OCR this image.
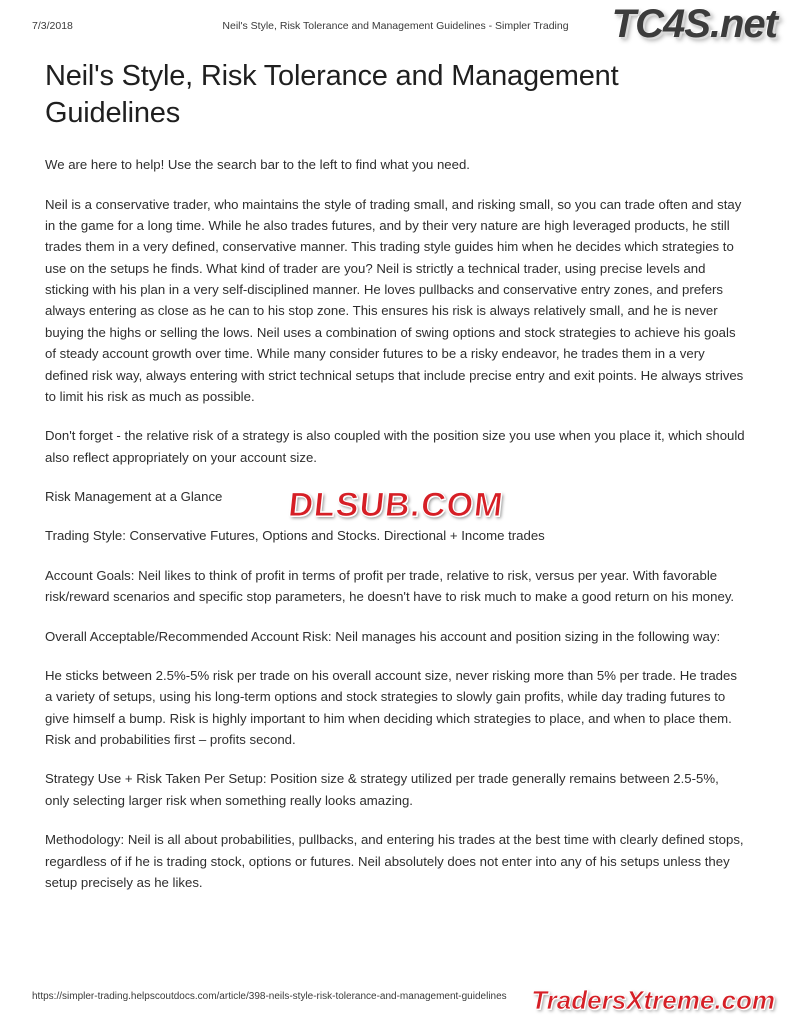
7/3/2018	Neil's Style, Risk Tolerance and Management Guidelines - Simpler Trading
Neil's Style, Risk Tolerance and Management Guidelines

We are here to help! Use the search bar to the left to find what you need.

Neil is a conservative trader, who maintains the style of trading small, and risking small, so you can trade often and stay in the game for a long time. While he also trades futures, and by their very nature are high leveraged products, he still trades them in a very defined, conservative manner. This trading style guides him when he decides which strategies to use on the setups he finds. What kind of trader are you? Neil is strictly a technical trader, using precise levels and sticking with his plan in a very self-disciplined manner. He loves pullbacks and conservative entry zones, and prefers always entering as close as he can to his stop zone. This ensures his risk is always relatively small, and he is never buying the highs or selling the lows. Neil uses a combination of swing options and stock strategies to achieve his goals of steady account growth over time. While many consider futures to be a risky endeavor, he trades them in a very defined risk way, always entering with strict technical setups that include precise entry and exit points. He always strives to limit his risk as much as possible.

Don't forget - the relative risk of a strategy is also coupled with the position size you use when you place it, which should also reflect appropriately on your account size.

Risk Management at a Glance

Trading Style: Conservative Futures, Options and Stocks. Directional + Income trades

Account Goals: Neil likes to think of profit in terms of profit per trade, relative to risk, versus per year. With favorable risk/reward scenarios and specific stop parameters, he doesn't have to risk much to make a good return on his money.

Overall Acceptable/Recommended Account Risk: Neil manages his account and position sizing in the following way:

He sticks between 2.5%-5% risk per trade on his overall account size, never risking more than 5% per trade. He trades a variety of setups, using his long-term options and stock strategies to slowly gain profits, while day trading futures to give himself a bump. Risk is highly important to him when deciding which strategies to place, and when to place them. Risk and probabilities first – profits second.

Strategy Use + Risk Taken Per Setup: Position size & strategy utilized per trade generally remains between 2.5-5%, only selecting larger risk when something really looks amazing.

Methodology: Neil is all about probabilities, pullbacks, and entering his trades at the best time with clearly defined stops, regardless of if he is trading stock, options or futures. Neil absolutely does not enter into any of his setups unless they setup precisely as he likes.

https://simpler-trading.helpscoutdocs.com/article/398-neils-style-risk-tolerance-and-management-guidelines
TC4S.net
DLSUB.COM
TradersXtreme.com
